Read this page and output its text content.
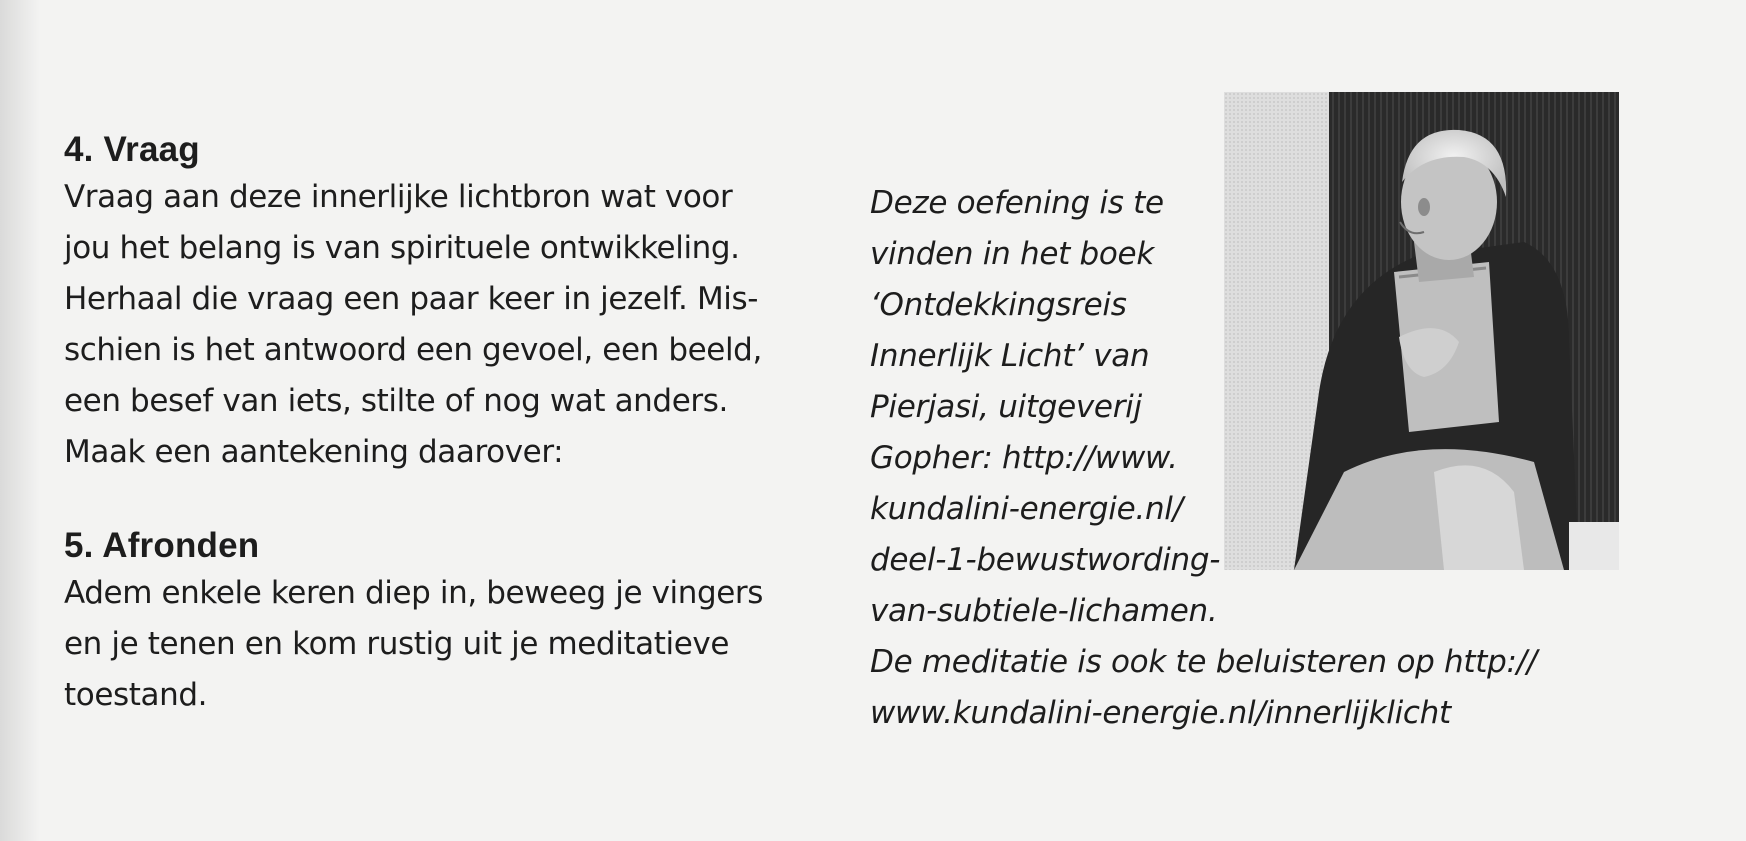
4. Vraag

Vraag aan deze innerlijke lichtbron wat voor
jou het belang is van spirituele ontwikkeling.
Herhaal die vraag een paar keer in jezelf. Mis-
schien is het antwoord een gevoel, een beeld,
een besef van iets, stilte of nog wat anders.
Maak een aantekening daarover:

5. Afronden

Adem enkele keren diep in, beweeg je vingers
en je tenen en kom rustig uit je meditatieve
toestand.

Deze oefening is te
vinden in het boek
‘Ontdekkingsreis
Innerlijk Licht’ van
Pierjasi, uitgeverij
Gopher: http://www.
kundalini-energie.nl/
deel-1-bewustwording-
van-subtiele-lichamen.
De meditatie is ook te beluisteren op http://
www.kundalini-energie.nl/innerlijklicht
